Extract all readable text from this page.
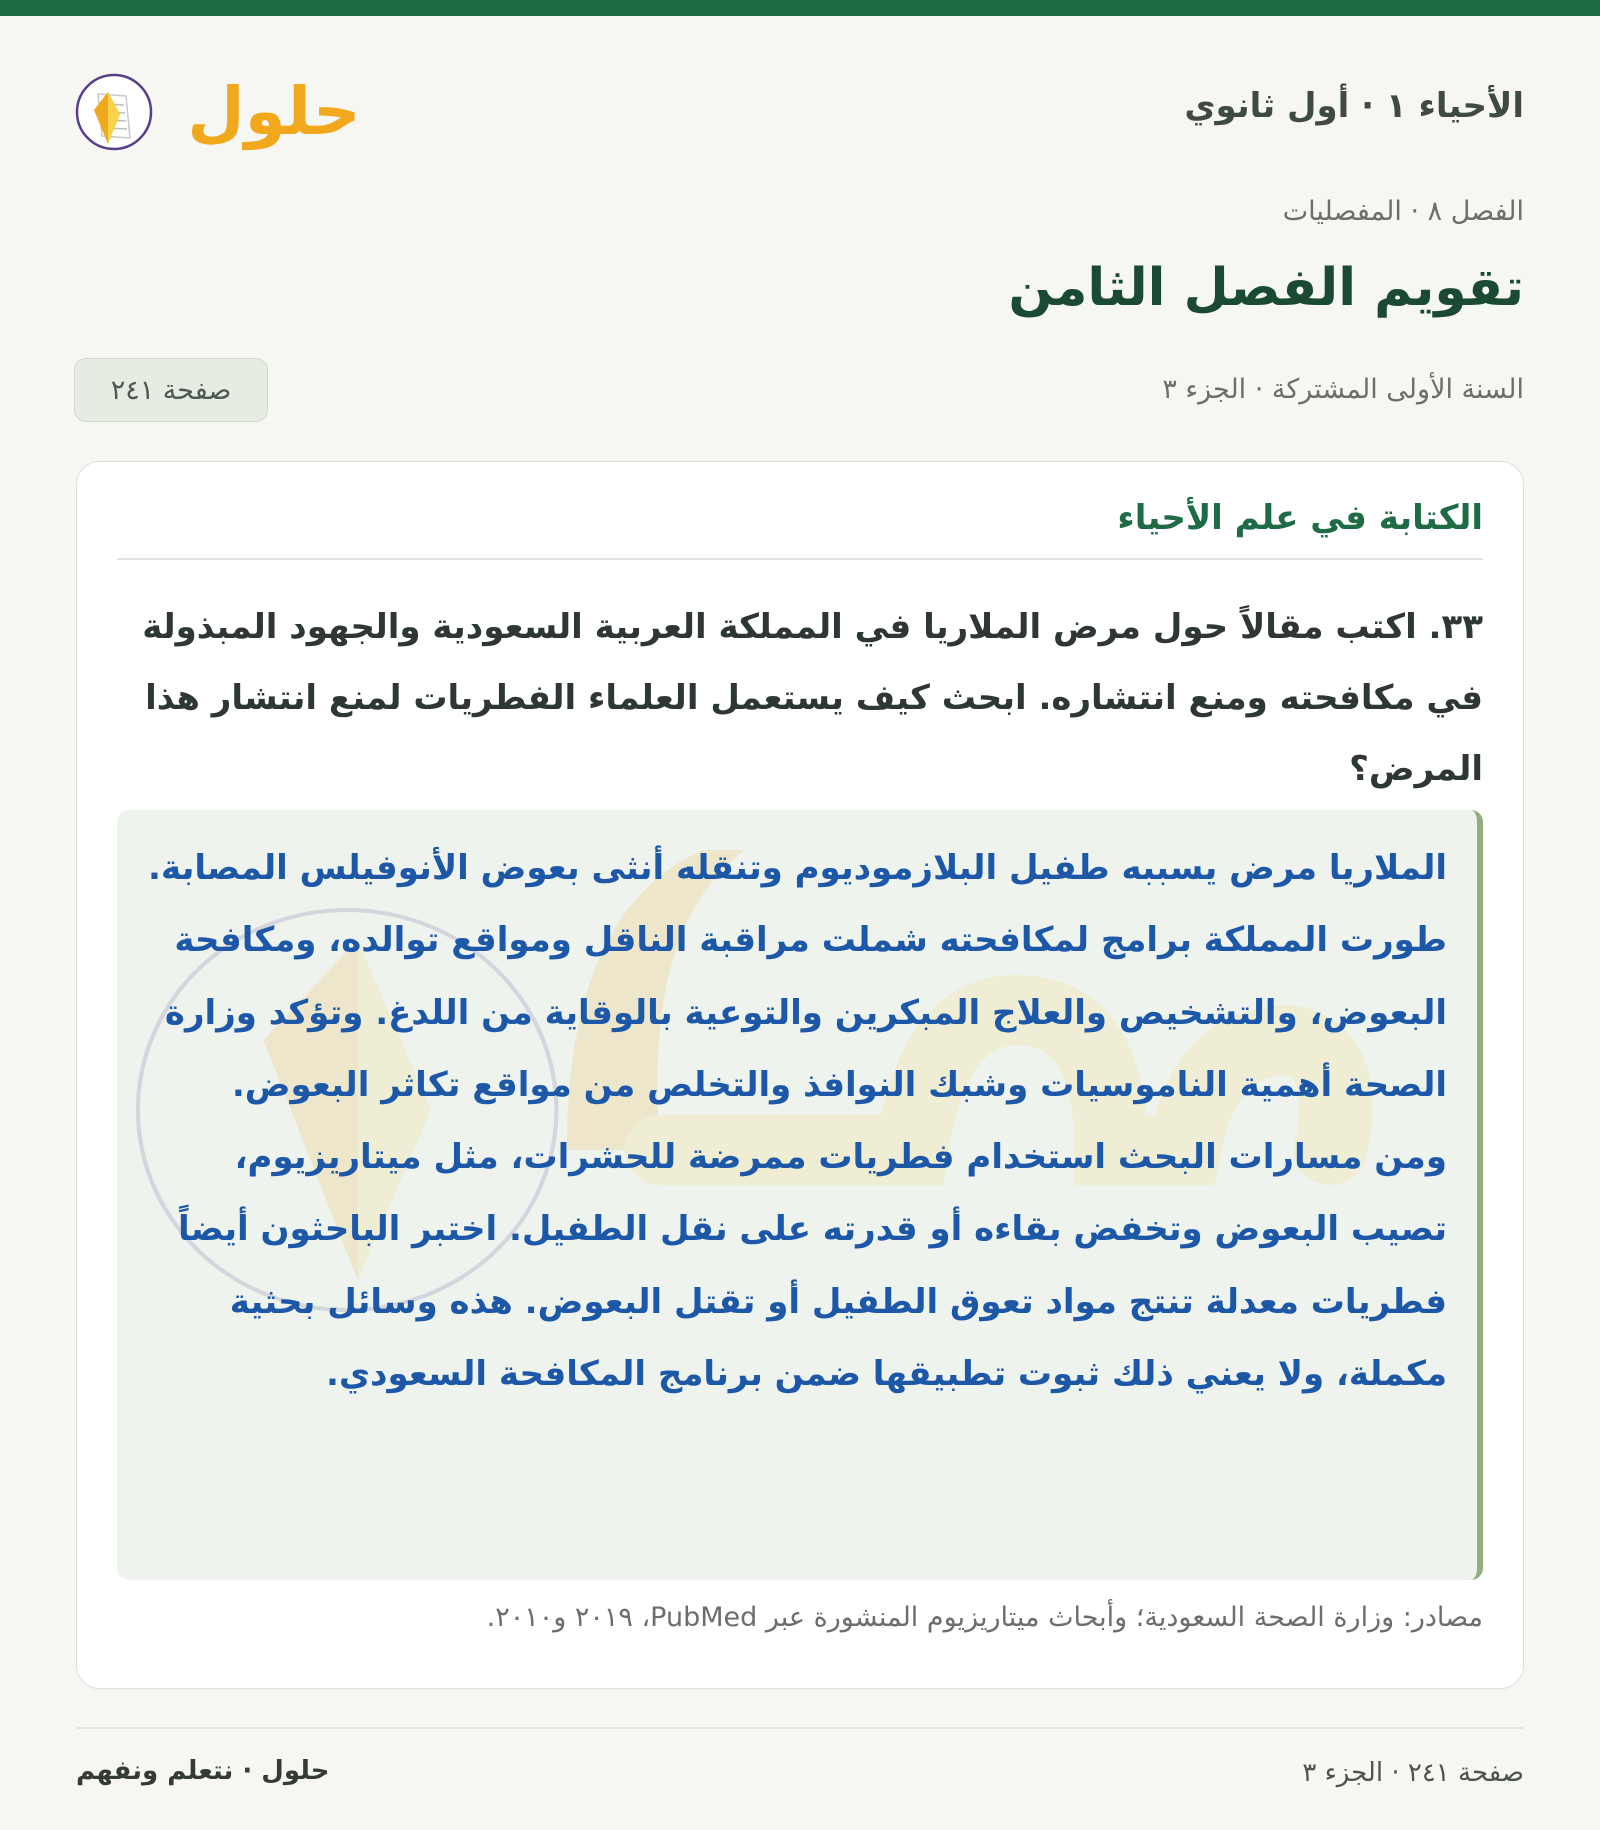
حلول	الأحياء ١ · أول ثانوي
الفصل ٨ · المفصليات
تقويم الفصل الثامن
السنة الأولى المشتركة · الجزء ٣
صفحة ٢٤١
الكتابة في علم الأحياء
٣٣. اكتب مقالاً حول مرض الملاريا في المملكة العربية السعودية والجهود المبذولة في مكافحته ومنع انتشاره. ابحث كيف يستعمل العلماء الفطريات لمنع انتشار هذا المرض؟

الملاريا مرض يسببه طفيل البلازموديوم وتنقله أنثى بعوض الأنوفيلس المصابة. طورت المملكة برامج لمكافحته شملت مراقبة الناقل ومواقع توالده، ومكافحة البعوض، والتشخيص والعلاج المبكرين والتوعية بالوقاية من اللدغ. وتؤكد وزارة الصحة أهمية الناموسيات وشبك النوافذ والتخلص من مواقع تكاثر البعوض.

ومن مسارات البحث استخدام فطريات ممرضة للحشرات، مثل ميتاريزيوم، تصيب البعوض وتخفض بقاءه أو قدرته على نقل الطفيل. اختبر الباحثون أيضاً فطريات معدلة تنتج مواد تعوق الطفيل أو تقتل البعوض. هذه وسائل بحثية مكملة، ولا يعني ذلك ثبوت تطبيقها ضمن برنامج المكافحة السعودي.

مصادر: وزارة الصحة السعودية؛ وأبحاث ميتاريزيوم المنشورة عبر PubMed، ٢٠١٩ و٢٠١٠.
حلول · نتعلم ونفهم	صفحة ٢٤١ · الجزء ٣
